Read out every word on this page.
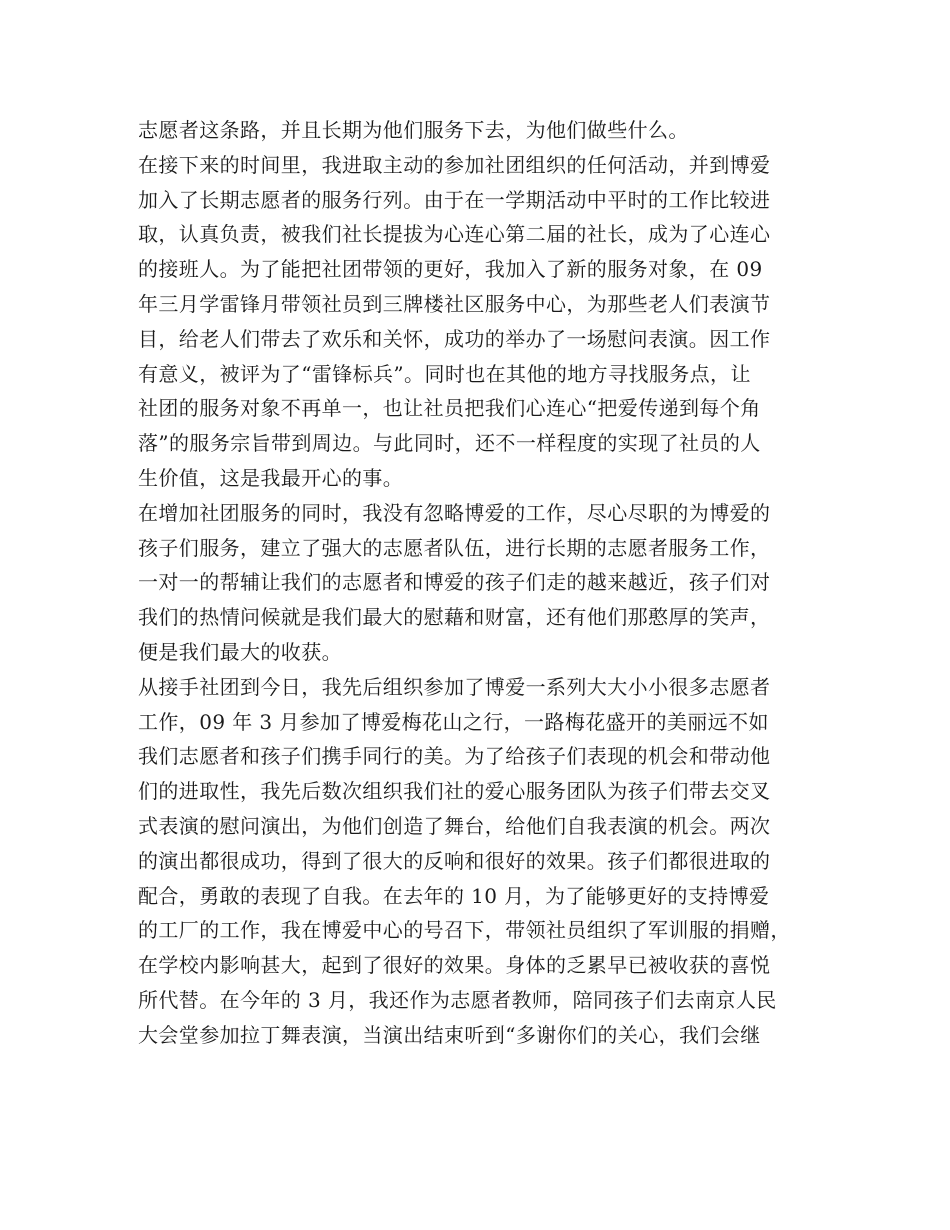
志愿者这条路，并且长期为他们服务下去，为他们做些什么。
在接下来的时间里，我进取主动的参加社团组织的任何活动，并到博爱
加入了长期志愿者的服务行列。由于在一学期活动中平时的工作比较进
取，认真负责，被我们社长提拔为心连心第二届的社长，成为了心连心
的接班人。为了能把社团带领的更好，我加入了新的服务对象，在 09
年三月学雷锋月带领社员到三牌楼社区服务中心，为那些老人们表演节
目，给老人们带去了欢乐和关怀，成功的举办了一场慰问表演。因工作
有意义，被评为了“雷锋标兵”。同时也在其他的地方寻找服务点，让
社团的服务对象不再单一，也让社员把我们心连心“把爱传递到每个角
落”的服务宗旨带到周边。与此同时，还不一样程度的实现了社员的人
生价值，这是我最开心的事。
在增加社团服务的同时，我没有忽略博爱的工作，尽心尽职的为博爱的
孩子们服务，建立了强大的志愿者队伍，进行长期的志愿者服务工作，
一对一的帮辅让我们的志愿者和博爱的孩子们走的越来越近，孩子们对
我们的热情问候就是我们最大的慰藉和财富，还有他们那憨厚的笑声，
便是我们最大的收获。
从接手社团到今日，我先后组织参加了博爱一系列大大小小很多志愿者
工作，09 年 3 月参加了博爱梅花山之行，一路梅花盛开的美丽远不如
我们志愿者和孩子们携手同行的美。为了给孩子们表现的机会和带动他
们的进取性，我先后数次组织我们社的爱心服务团队为孩子们带去交叉
式表演的慰问演出，为他们创造了舞台，给他们自我表演的机会。两次
的演出都很成功，得到了很大的反响和很好的效果。孩子们都很进取的
配合，勇敢的表现了自我。在去年的 10 月，为了能够更好的支持博爱
的工厂的工作，我在博爱中心的号召下，带领社员组织了军训服的捐赠，
在学校内影响甚大，起到了很好的效果。身体的乏累早已被收获的喜悦
所代替。在今年的 3 月，我还作为志愿者教师，陪同孩子们去南京人民
大会堂参加拉丁舞表演，当演出结束听到“多谢你们的关心，我们会继
